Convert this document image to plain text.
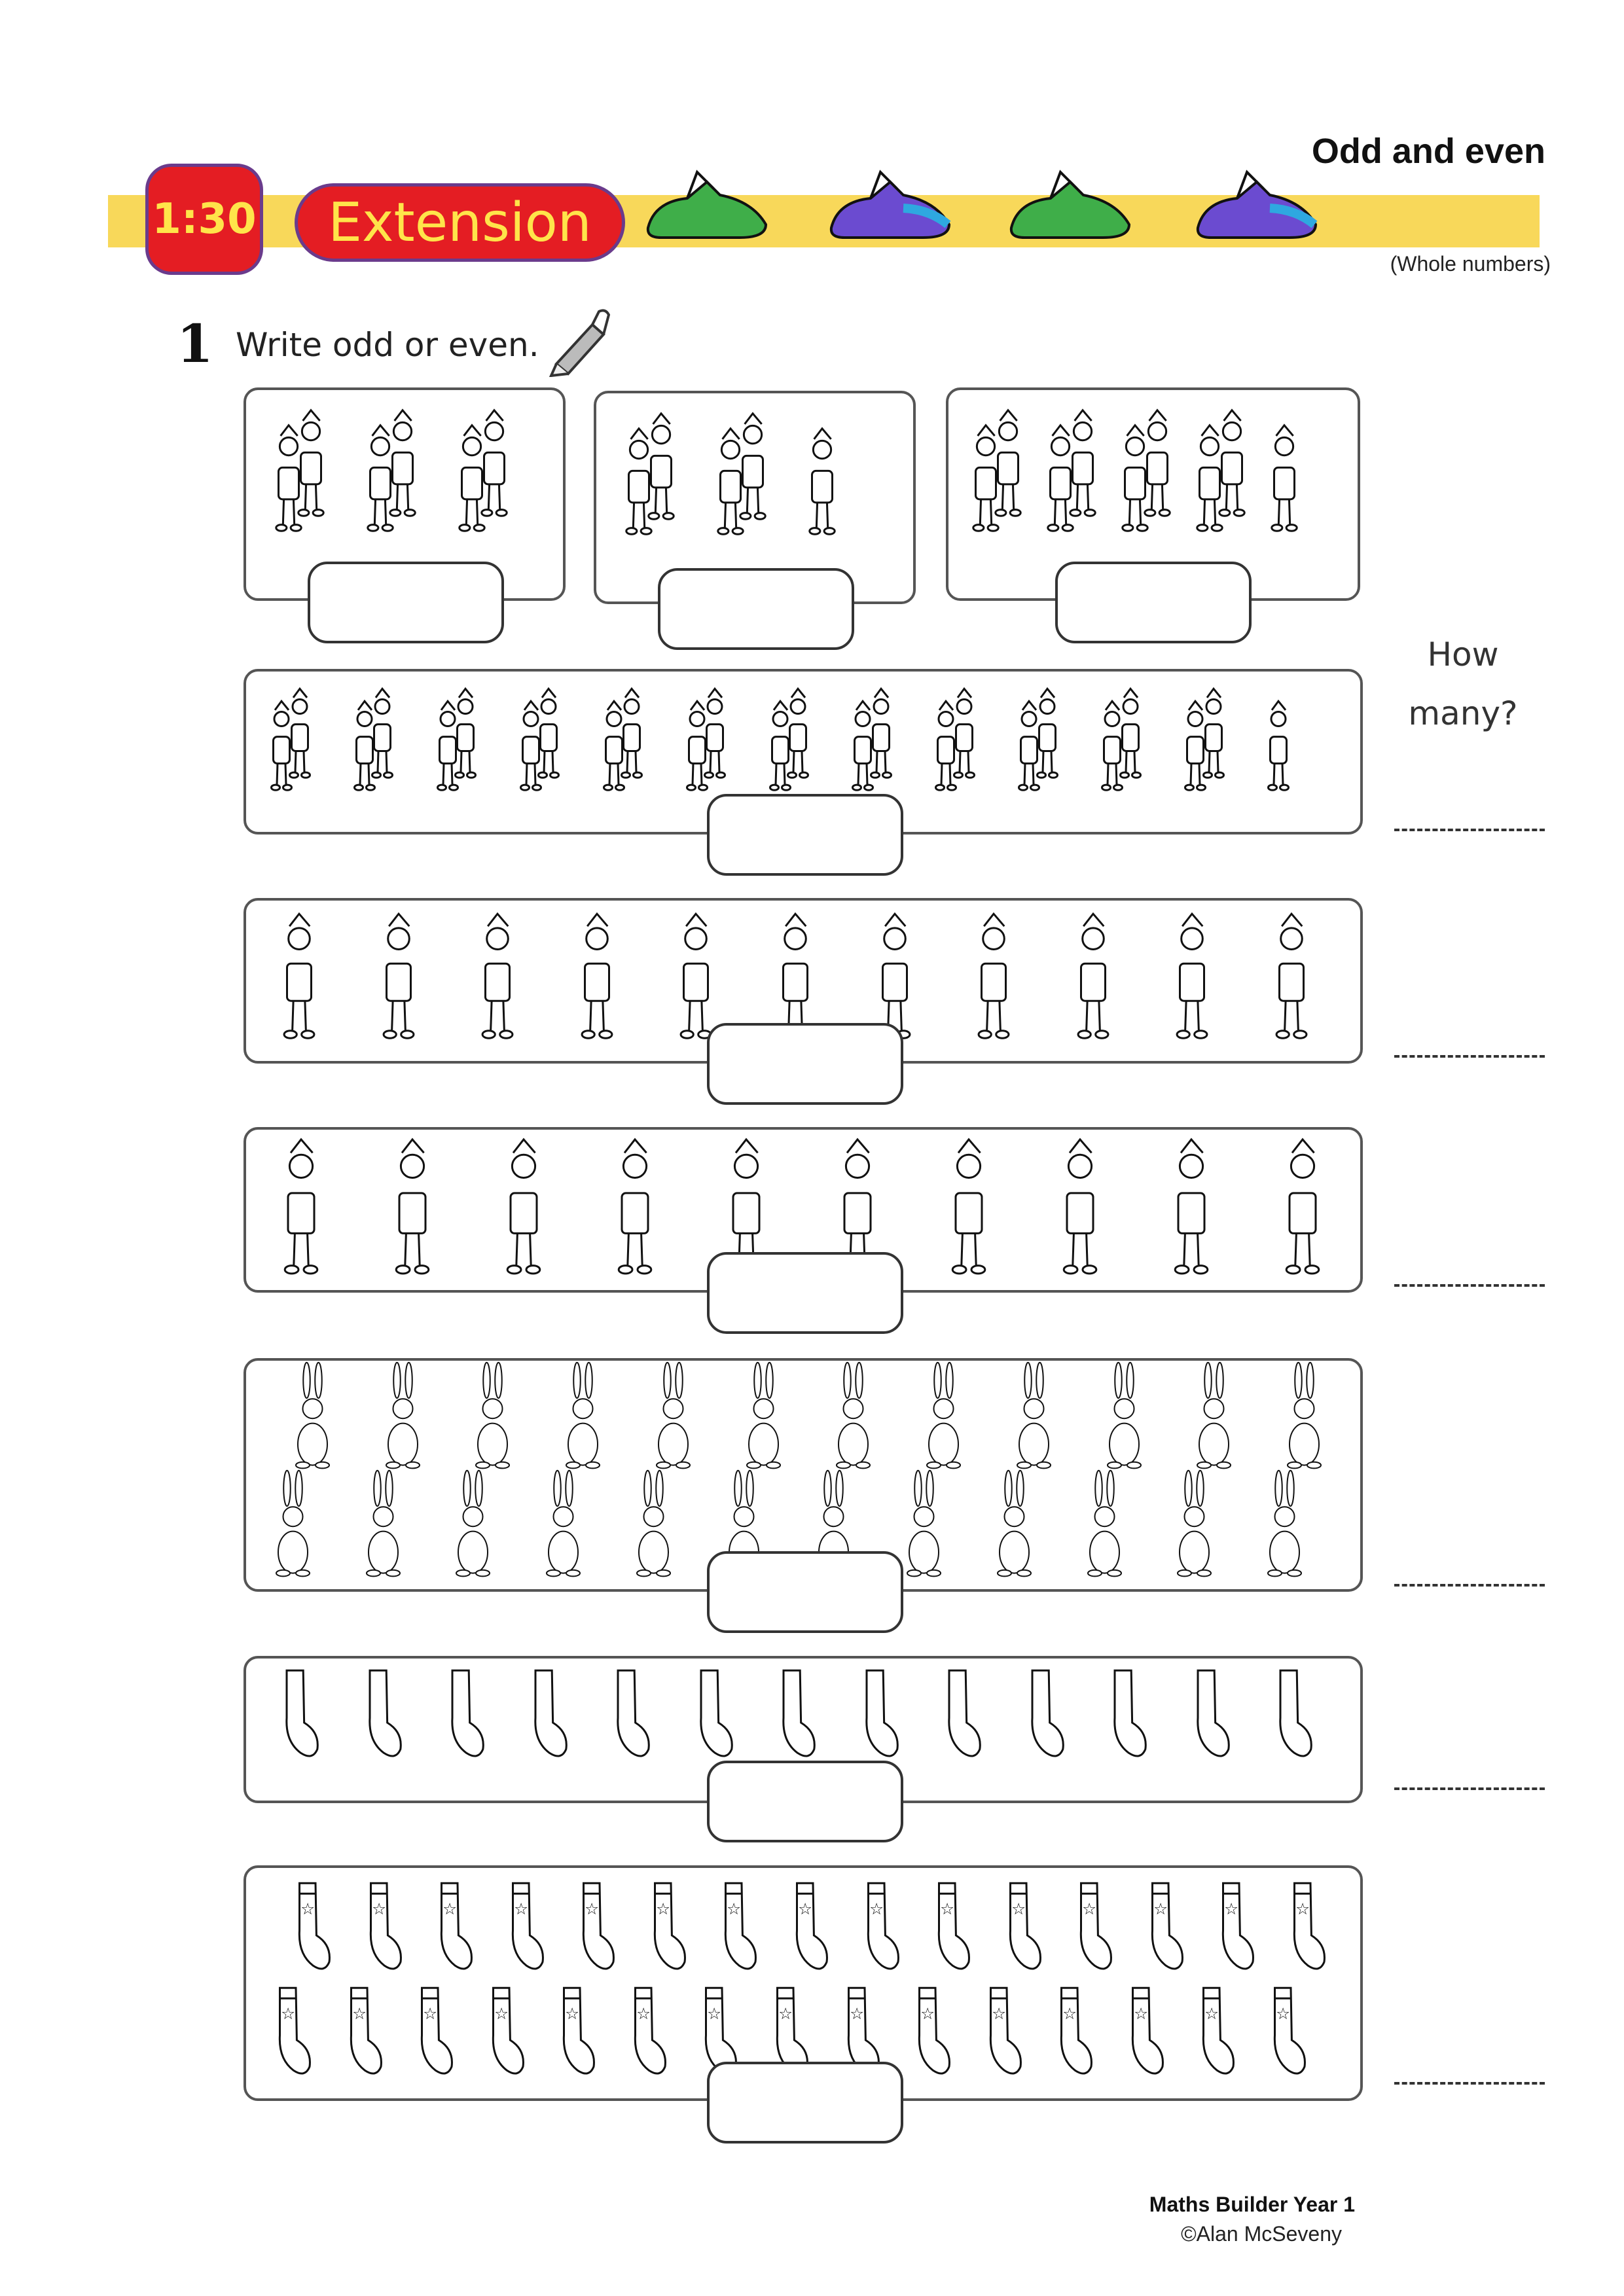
Odd and even
1:30	Extension
(Whole numbers)
1 Write odd or even.
How
many?
☆	☆	☆	☆	☆	☆	☆	☆	☆	☆	☆	☆	☆	☆	☆
☆	☆	☆	☆	☆	☆	☆	☆	☆	☆	☆	☆	☆	☆	☆
Maths Builder Year 1
©Alan McSeveny
